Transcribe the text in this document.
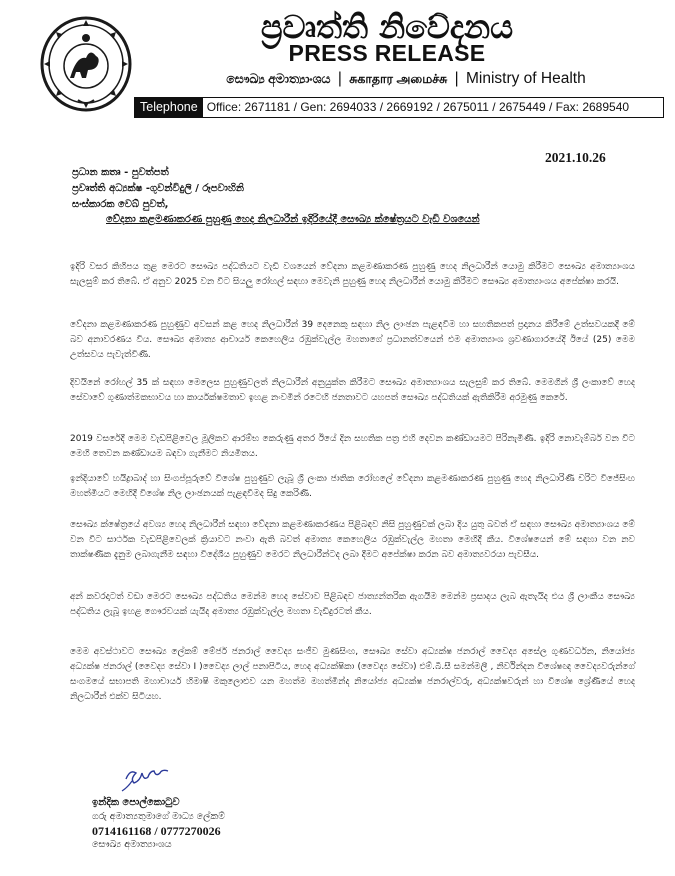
ප්‍රවෘත්ති නිවේදනය
PRESS RELEASE
සෞඛ්‍ය අමාත්‍යාංශය | சுகாதார அமைச்சு | Ministry of Health
Telephone Office: 2671181 / Gen: 2694033 / 2669192 / 2675011 / 2675449 / Fax: 2689540
2021.10.26
ප්‍රධාන කතෘ - පුවත්පත්
ප්‍රවෘත්ති අධ්‍යක්ෂ -ගුවන්විදුලි / රූපවාහිනි
සංස්කාරක වෙබ් පුවත්,
වේදනා කළමණාකරණ පුහුණු හෙද නිලධාරීන් ඉදිරියේදී සෞඛ්‍ය ක්ෂේත්‍රයට වැඩි වශයෙන්
ඉදිරි වසර කිහිපය තුළ මෙරට සෞඛ්‍ය පද්ධතියට වැඩි වශයෙන් වේදනා කළමණාකරණ පුහුණු හෙද නිලධාරීන් යොමු කිරීමට සෞඛ්‍ය අමාත්‍යාංශය සැලසුම් කර තිබේ. ඒ අනුව 2025 වන විට සියලු රෝහල් සඳහා මෙවැනි පුහුණු හෙද නිලධාරීන් යොමු කිරීමට සෞඛ්‍ය අමාත්‍යාංශය අපේක්ෂා කරයි.
වේදනා කළමණාකරණ පුහුණුව අවසන් කළ හෙද නිලධාරීන් 39 දෙනෙකු සඳහා නිල ලාංඡන පැළඳවීම හා සහතිකපත් ප්‍රදානය කිරීමේ උත්සවයකදී මේ බව අනාවරණය විය. සෞඛ්‍ය අමාත්‍ය ආචාර්ය කෙහෙලිය රඹුක්වැල්ල මහතාගේ ප්‍රධානත්වයෙන් එම අමාත්‍යාංශ ශ්‍රවණාගාරයේදී ඊයේ (25) මෙම උත්සවය පැවැත්විණි.
දිවයිනේ රෝහල් 35 ක් සඳහා මෙලෙස පුහුණුවලත් නිලධාරීන් අනුයුක්ත කිරීමට සෞඛ්‍ය අමාත්‍යාංශය සැලසුම් කර තිබේ. මෙමගින් ශ්‍රී ලංකාවේ හෙද සේවාවේ ගුණාත්මකභාවය හා කාර්යක්ෂමතාව ඉහළ නංවමින් රටෙහි ජනතාවට යහපත් සෞඛ්‍ය පද්ධතියක් ඇතිකිරීම අරමුණු කෙරේ.
2019 වසරේදී මෙම වැඩපිළිවෙල මූලිකව ආරම්භ කෙරුණු අතර ඊයේ දින සහතික පත්‍ර එහි දෙවන කණ්ඩායමට පිරිනැමිණි. ඉදිරි නොවැම්බර් වන විට මෙහි තෙවන කණ්ඩායම බඳවා ගැනීමට නියමිතය.
ඉන්දියාවේ හයිද්‍රාබාද් හා සිංගප්පූරුවේ විශේෂ පුහුණුව ලැබූ ශ්‍රී ලංකා ජාතික රෝහලේ වේදනා කළමණාකරණ පුහුණු හෙද නිලධාරිණි චරිට විජේසිංහ මහත්මියට මෙහිදී විශේෂ නිල ලාංඡනයක් පැළඳවීමද සිදු කෙරිණි.
සෞඛ්‍ය ක්ෂේත්‍රයේ අවශ්‍ය හෙද නිලධාරීන් සඳහා වේදනා කළමණාකරණය පිළිබඳව නිසි පුහුණුවක් ලබා දිය යුතු බවත් ඒ සඳහා සෞඛ්‍ය අමාත්‍යාංශය මේ වන විට සාර්ථක වැඩපිළිවෙලක් ක්‍රියාවට නංවා ඇති බවත් අමාත්‍ය කෙහෙලිය රඹුක්වැල්ල මහතා මෙහිදී කීය. විශේෂයෙන් මේ සඳහා වන නව තාක්ෂණික දැනුම ලබාගැනීම සඳහා විදේශීය පුහුණුව මෙරට නිලධාරීන්ටද ලබා දීමට අපේක්ෂා කරන බව අමාත්‍යවරයා පැවසීය.
අන් කවරදාටත් වඩා මෙරට සෞඛ්‍ය පද්ධතිය මෙන්ම හෙද සේවාව පිළිබඳව ජාත්‍යන්තරික ඇගයීම මෙන්ම ප්‍රසාදය ලැබ ඇතැයිද එය ශ්‍රී ලාංකීය සෞඛ්‍ය පද්ධතිය ලැබූ ඉහළ ගෞරවයක් යැයිද අමාත්‍ය රඹුක්වැල්ල මහතා වැඩිදුරටත් කීය.
මෙම අවස්ථාවට සෞඛ්‍ය ලේකම් මේජර් ජනරාල් වෛද්‍ය සංජීව මුණසිංහ, සෞඛ්‍ය සේවා අධ්‍යක්ෂ ජනරාල් වෛද්‍ය අසේල ගුණවර්ධන, නියෝජ්‍ය අධ්‍යක්ෂ ජනරාල් (වෛද්‍ය සේවා I )වෛද්‍ය ලාල් පනාපිටිය, හෙද අධ්‍යක්ෂිකා (වෛද්‍ය සේවා) එම්.බී.සී සමන්මලී , නිර්වින්දන විශේෂඥ වෛද්‍යවරුන්ගේ සංගමයේ සභාපති මහාචාර්ය හිමාෂි මකුලොළුව යන මහත්ම මහත්මීන්ද නියෝජ්‍ය අධ්‍යක්ෂ ජනරාල්වරු, අධ්‍යක්ෂවරුන් හා විශේෂ ශ්‍රේණියේ හෙද නිලධාරීන් එක්ව සිටියහ.
ඉන්දික පොල්කොටුව
ගරු අමාත්‍යතුමාගේ මාධ්‍ය ලේකම්
0714161168 / 0777270026
සෞඛ්‍ය අමාත්‍යාංශය
